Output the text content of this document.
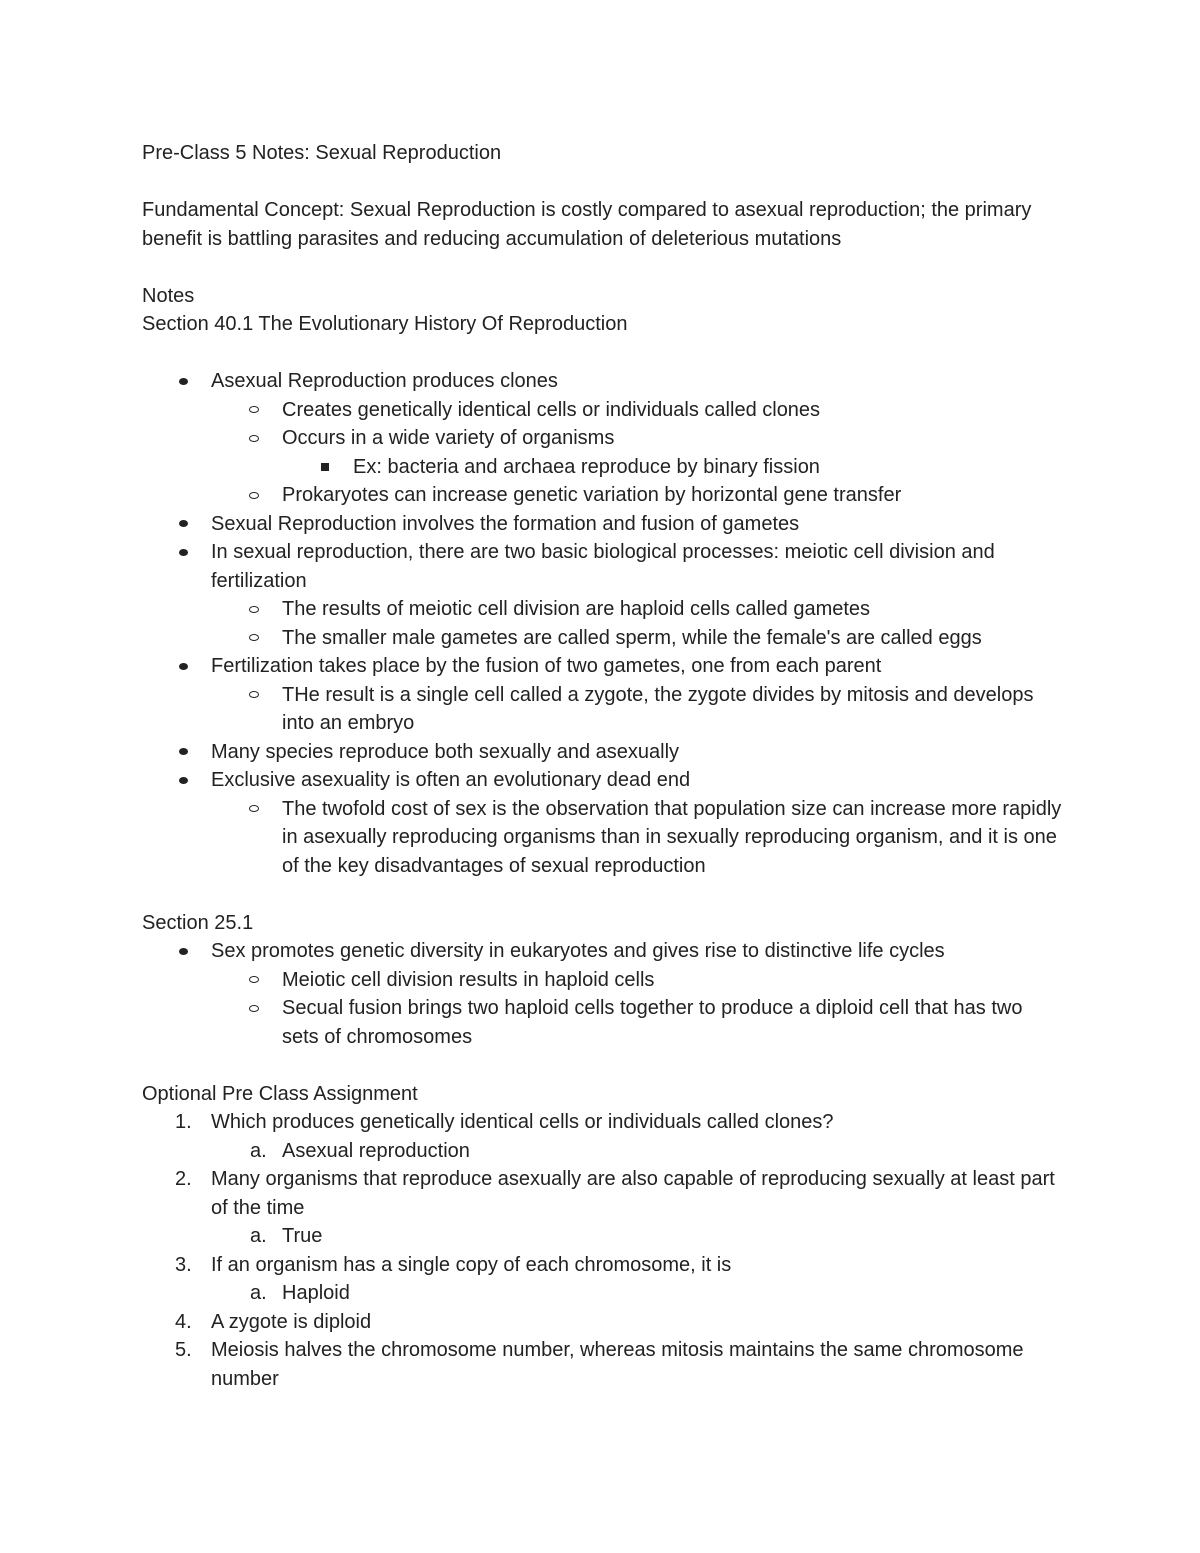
Pre-Class 5 Notes: Sexual Reproduction

Fundamental Concept: Sexual Reproduction is costly compared to asexual reproduction; the primary benefit is battling parasites and reducing accumulation of deleterious mutations

Notes

Section 40.1 The Evolutionary History Of Reproduction

Asexual Reproduction produces clones
Creates genetically identical cells or individuals called clones
Occurs in a wide variety of organisms
Ex: bacteria and archaea reproduce by binary fission
Prokaryotes can increase genetic variation by horizontal gene transfer
Sexual Reproduction involves the formation and fusion of gametes
In sexual reproduction, there are two basic biological processes: meiotic cell division and fertilization
The results of meiotic cell division are haploid cells called gametes
The smaller male gametes are called sperm, while the female's are called eggs
Fertilization takes place by the fusion of two gametes, one from each parent
THe result is a single cell called a zygote, the zygote divides by mitosis and develops into an embryo
Many species reproduce both sexually and asexually
Exclusive asexuality is often an evolutionary dead end
The twofold cost of sex is the observation that population size can increase more rapidly in asexually reproducing organisms than in sexually reproducing organism, and it is one of the key disadvantages of sexual reproduction

Section 25.1

Sex promotes genetic diversity in eukaryotes and gives rise to distinctive life cycles
Meiotic cell division results in haploid cells
Secual fusion brings two haploid cells together to produce a diploid cell that has two sets of chromosomes

Optional Pre Class Assignment

1. Which produces genetically identical cells or individuals called clones?
a. Asexual reproduction
2. Many organisms that reproduce asexually are also capable of reproducing sexually at least part of the time
a. True
3. If an organism has a single copy of each chromosome, it is
a. Haploid
4. A zygote is diploid
5. Meiosis halves the chromosome number, whereas mitosis maintains the same chromosome number
